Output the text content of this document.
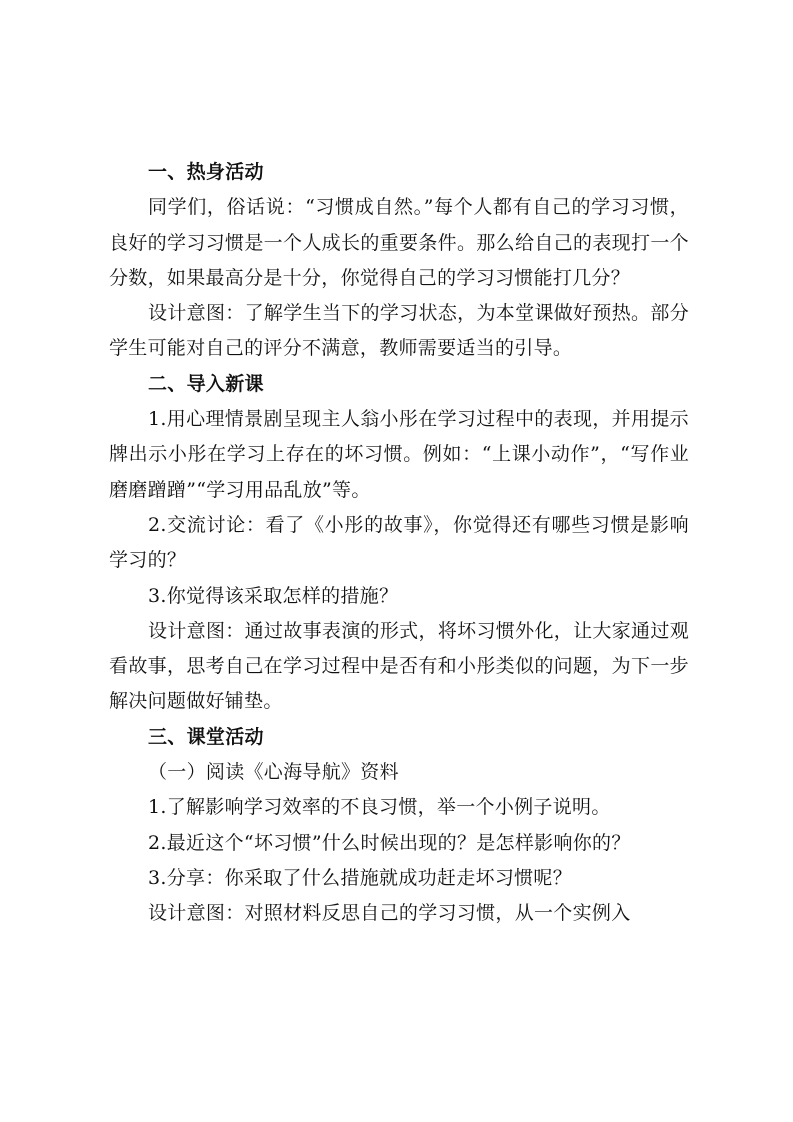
一、热身活动

同学们，俗话说：“习惯成自然。”每个人都有自己的学习习惯，良好的学习习惯是一个人成长的重要条件。那么给自己的表现打一个分数，如果最高分是十分，你觉得自己的学习习惯能打几分？

设计意图：了解学生当下的学习状态，为本堂课做好预热。部分学生可能对自己的评分不满意，教师需要适当的引导。

二、导入新课

1.用心理情景剧呈现主人翁小彤在学习过程中的表现，并用提示牌出示小彤在学习上存在的坏习惯。例如：“上课小动作”，“写作业磨磨蹭蹭”“学习用品乱放”等。

2.交流讨论：看了《小彤的故事》，你觉得还有哪些习惯是影响学习的？

3.你觉得该采取怎样的措施？

设计意图：通过故事表演的形式，将坏习惯外化，让大家通过观看故事，思考自己在学习过程中是否有和小彤类似的问题，为下一步解决问题做好铺垫。

三、课堂活动

（一）阅读《心海导航》资料

1.了解影响学习效率的不良习惯，举一个小例子说明。

2.最近这个“坏习惯”什么时候出现的？是怎样影响你的？

3.分享：你采取了什么措施就成功赶走坏习惯呢？

设计意图：对照材料反思自己的学习习惯，从一个实例入
